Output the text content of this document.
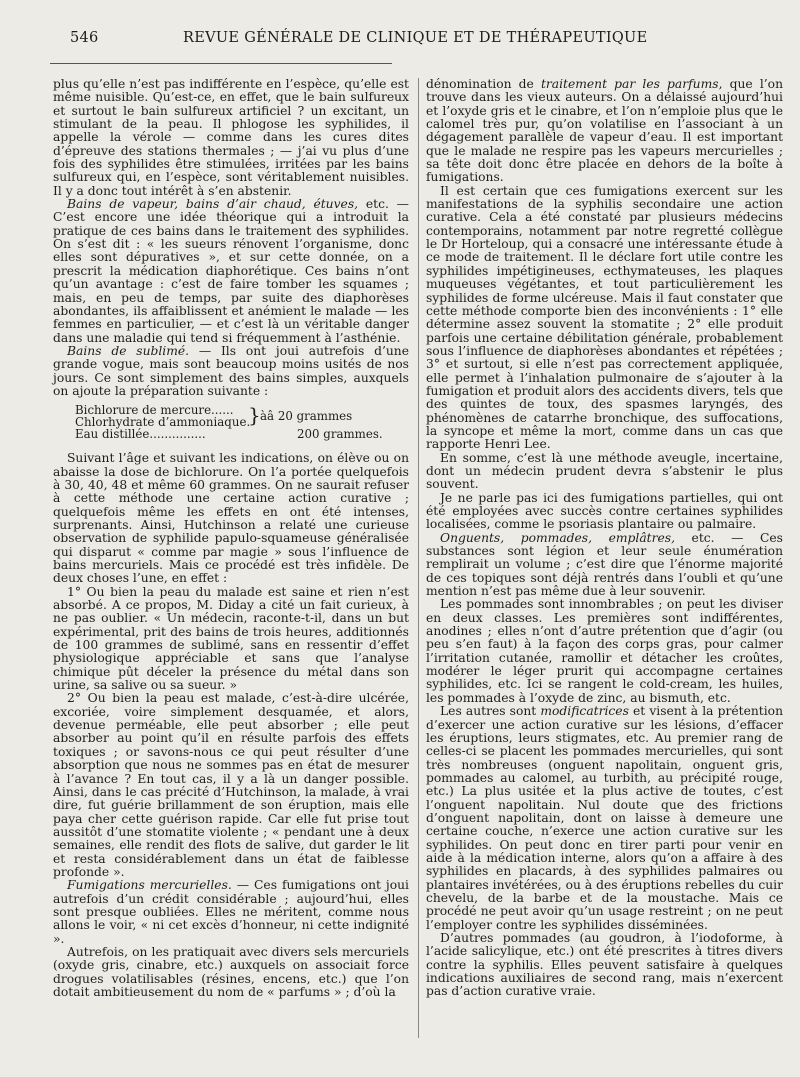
546	REVUE GÉNÉRALE DE CLINIQUE ET DE THÉRAPEUTIQUE

plus qu’elle n’est pas indifférente en l’espèce, qu’elle est même nuisible. Qu’est-ce, en effet, que le bain sulfureux et surtout le bain sulfureux artificiel ? un excitant, un stimulant de la peau. Il phlogose les syphilides, il appelle la vérole — comme dans les cures dites d’épreuve des stations thermales ; — j’ai vu plus d’une fois des syphilides être stimulées, irritées par les bains sulfureux qui, en l’espèce, sont véritablement nuisibles. Il y a donc tout intérêt à s’en abstenir.

Bains de vapeur, bains d’air chaud, étuves, etc. — C’est encore une idée théorique qui a introduit la pratique de ces bains dans le traitement des syphilides. On s’est dit : « les sueurs rénovent l’organisme, donc elles sont dépuratives », et sur cette donnée, on a prescrit la médication diaphorétique. Ces bains n’ont qu’un avantage : c’est de faire tomber les squames ; mais, en peu de temps, par suite des diaphorèses abondantes, ils affaiblissent et anémient le malade — les femmes en particulier, — et c’est là un véritable danger dans une maladie qui tend si fréquemment à l’asthénie.

Bains de sublimé. — Ils ont joui autrefois d’une grande vogue, mais sont beaucoup moins usités de nos jours. Ce sont simplement des bains simples, auxquels on ajoute la préparation suivante :

Bichlorure de mercure......
Chlorhydrate d’ammoniaque.
Eau distillée...............
} àâ 20 grammes
200 grammes.

Suivant l’âge et suivant les indications, on élève ou on abaisse la dose de bichlorure. On l’a portée quelquefois à 30, 40, 48 et même 60 grammes. On ne saurait refuser à cette méthode une certaine action curative ; quelquefois même les effets en ont été intenses, surprenants. Ainsi, Hutchinson a relaté une curieuse observation de syphilide papulo-squameuse généralisée qui disparut « comme par magie » sous l’influence de bains mercuriels. Mais ce procédé est très infidèle. De deux choses l’une, en effet :

1° Ou bien la peau du malade est saine et rien n’est absorbé. A ce propos, M. Diday a cité un fait curieux, à ne pas oublier. « Un médecin, raconte-t-il, dans un but expérimental, prit des bains de trois heures, additionnés de 100 grammes de sublimé, sans en ressentir d’effet physiologique appréciable et sans que l’analyse chimique pût déceler la présence du métal dans son urine, sa salive ou sa sueur. »

2° Ou bien la peau est malade, c’est-à-dire ulcérée, excoriée, voire simplement desquamée, et alors, devenue perméable, elle peut absorber ; elle peut absorber au point qu’il en résulte parfois des effets toxiques ; or savons-nous ce qui peut résulter d’une absorption que nous ne sommes pas en état de mesurer à l’avance ? En tout cas, il y a là un danger possible. Ainsi, dans le cas précité d’Hutchinson, la malade, à vrai dire, fut guérie brillamment de son éruption, mais elle paya cher cette guérison rapide. Car elle fut prise tout aussitôt d’une stomatite violente ; « pendant une à deux semaines, elle rendit des flots de salive, dut garder le lit et resta considérablement dans un état de faiblesse profonde ».

Fumigations mercurielles. — Ces fumigations ont joui autrefois d’un crédit considérable ; aujourd’hui, elles sont presque oubliées. Elles ne méritent, comme nous allons le voir, « ni cet excès d’honneur, ni cette indignité ».

Autrefois, on les pratiquait avec divers sels mercuriels (oxyde gris, cinabre, etc.) auxquels on associait force drogues volatilisables (résines, encens, etc.) que l’on dotait ambitieusement du nom de « parfums » ; d’où la

dénomination de traitement par les parfums, que l’on trouve dans les vieux auteurs. On a délaissé aujourd’hui et l’oxyde gris et le cinabre, et l’on n’emploie plus que le calomel très pur, qu’on volatilise en l’associant à un dégagement parallèle de vapeur d’eau. Il est important que le malade ne respire pas les vapeurs mercurielles ; sa tête doit donc être placée en dehors de la boîte à fumigations.

Il est certain que ces fumigations exercent sur les manifestations de la syphilis secondaire une action curative. Cela a été constaté par plusieurs médecins contemporains, notamment par notre regretté collègue le Dr Horteloup, qui a consacré une intéressante étude à ce mode de traitement. Il le déclare fort utile contre les syphilides impétigineuses, ecthymateuses, les plaques muqueuses végétantes, et tout particulièrement les syphilides de forme ulcéreuse. Mais il faut constater que cette méthode comporte bien des inconvénients : 1° elle détermine assez souvent la stomatite ; 2° elle produit parfois une certaine débilitation générale, probablement sous l’influence de diaphorèses abondantes et répétées ; 3° et surtout, si elle n’est pas correctement appliquée, elle permet à l’inhalation pulmonaire de s’ajouter à la fumigation et produit alors des accidents divers, tels que des quintes de toux, des spasmes laryngés, des phénomènes de catarrhe bronchique, des suffocations, la syncope et même la mort, comme dans un cas que rapporte Henri Lee.

En somme, c’est là une méthode aveugle, incertaine, dont un médecin prudent devra s’abstenir le plus souvent.

Je ne parle pas ici des fumigations partielles, qui ont été employées avec succès contre certaines syphilides localisées, comme le psoriasis plantaire ou palmaire.

Onguents, pommades, emplâtres, etc. — Ces substances sont légion et leur seule énumération remplirait un volume ; c’est dire que l’énorme majorité de ces topiques sont déjà rentrés dans l’oubli et qu’une mention n’est pas même due à leur souvenir.

Les pommades sont innombrables ; on peut les diviser en deux classes. Les premières sont indifférentes, anodines ; elles n’ont d’autre prétention que d’agir (ou peu s’en faut) à la façon des corps gras, pour calmer l’irritation cutanée, ramollir et détacher les croûtes, modérer le léger prurit qui accompagne certaines syphilides, etc. Ici se rangent le cold-cream, les huiles, les pommades à l’oxyde de zinc, au bismuth, etc.

Les autres sont modificatrices et visent à la prétention d’exercer une action curative sur les lésions, d’effacer les éruptions, leurs stigmates, etc. Au premier rang de celles-ci se placent les pommades mercurielles, qui sont très nombreuses (onguent napolitain, onguent gris, pommades au calomel, au turbith, au précipité rouge, etc.) La plus usitée et la plus active de toutes, c’est l’onguent napolitain. Nul doute que des frictions d’onguent napolitain, dont on laisse à demeure une certaine couche, n’exerce une action curative sur les syphilides. On peut donc en tirer parti pour venir en aide à la médication interne, alors qu’on a affaire à des syphilides en placards, à des syphilides palmaires ou plantaires invétérées, ou à des éruptions rebelles du cuir chevelu, de la barbe et de la moustache. Mais ce procédé ne peut avoir qu’un usage restreint ; on ne peut l’employer contre les syphilides disséminées.

D’autres pommades (au goudron, à l’iodoforme, à l’acide salicylique, etc.) ont été prescrites à titres divers contre la syphilis. Elles peuvent satisfaire à quelques indications auxiliaires de second rang, mais n’exercent pas d’action curative vraie.
